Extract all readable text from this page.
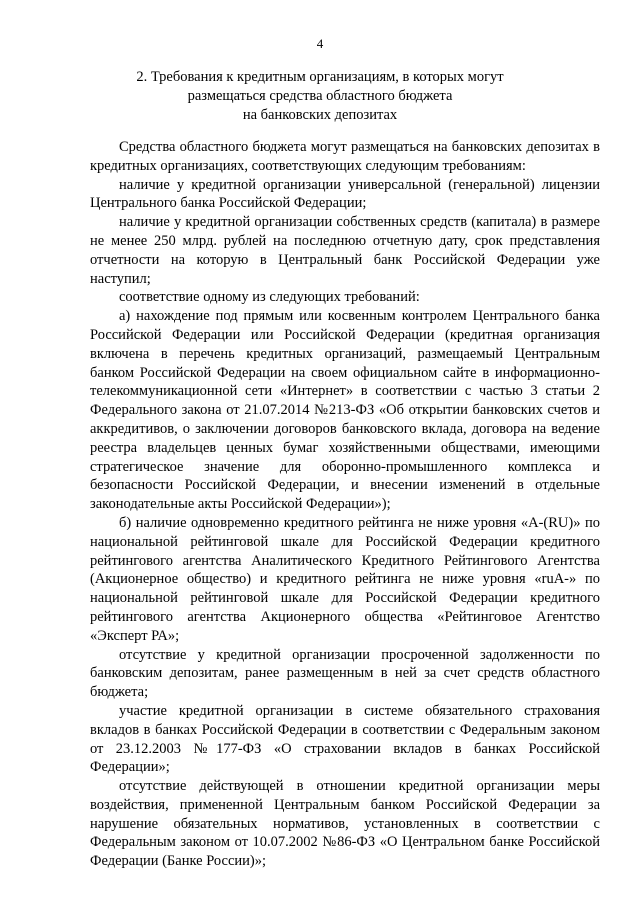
4
2. Требования к кредитным организациям, в которых могут
размещаться средства областного бюджета
на банковских депозитах

Средства областного бюджета могут размещаться на банковских депозитах в кредитных организациях, соответствующих следующим требованиям:

наличие у кредитной организации универсальной (генеральной) лицензии Центрального банка Российской Федерации;

наличие у кредитной организации собственных средств (капитала) в размере не менее 250 млрд. рублей на последнюю отчетную дату, срок представления отчетности на которую в Центральный банк Российской Федерации уже наступил;

соответствие одному из следующих требований:

а) нахождение под прямым или косвенным контролем Центрального банка Российской Федерации или Российской Федерации (кредитная организация включена в перечень кредитных организаций, размещаемый Центральным банком Российской Федерации на своем официальном сайте в информационно-телекоммуникационной сети «Интернет» в соответствии с частью 3 статьи 2 Федерального закона от 21.07.2014 №213-ФЗ «Об открытии банковских счетов и аккредитивов, о заключении договоров банковского вклада, договора на ведение реестра владельцев ценных бумаг хозяйственными обществами, имеющими стратегическое значение для оборонно-промышленного комплекса и безопасности Российской Федерации, и внесении изменений в отдельные законодательные акты Российской Федерации»);

б) наличие одновременно кредитного рейтинга не ниже уровня «A-(RU)» по национальной рейтинговой шкале для Российской Федерации кредитного рейтингового агентства Аналитического Кредитного Рейтингового Агентства (Акционерное общество) и кредитного рейтинга не ниже уровня «ruA-» по национальной рейтинговой шкале для Российской Федерации кредитного рейтингового агентства Акционерного общества «Рейтинговое Агентство «Эксперт РА»;

отсутствие у кредитной организации просроченной задолженности по банковским депозитам, ранее размещенным в ней за счет средств областного бюджета;

участие кредитной организации в системе обязательного страхования вкладов в банках Российской Федерации в соответствии с Федеральным законом от 23.12.2003 №177-ФЗ «О страховании вкладов в банках Российской Федерации»;

отсутствие действующей в отношении кредитной организации меры воздействия, примененной Центральным банком Российской Федерации за нарушение обязательных нормативов, установленных в соответствии с Федеральным законом от 10.07.2002 №86-ФЗ «О Центральном банке Российской Федерации (Банке России)»;
